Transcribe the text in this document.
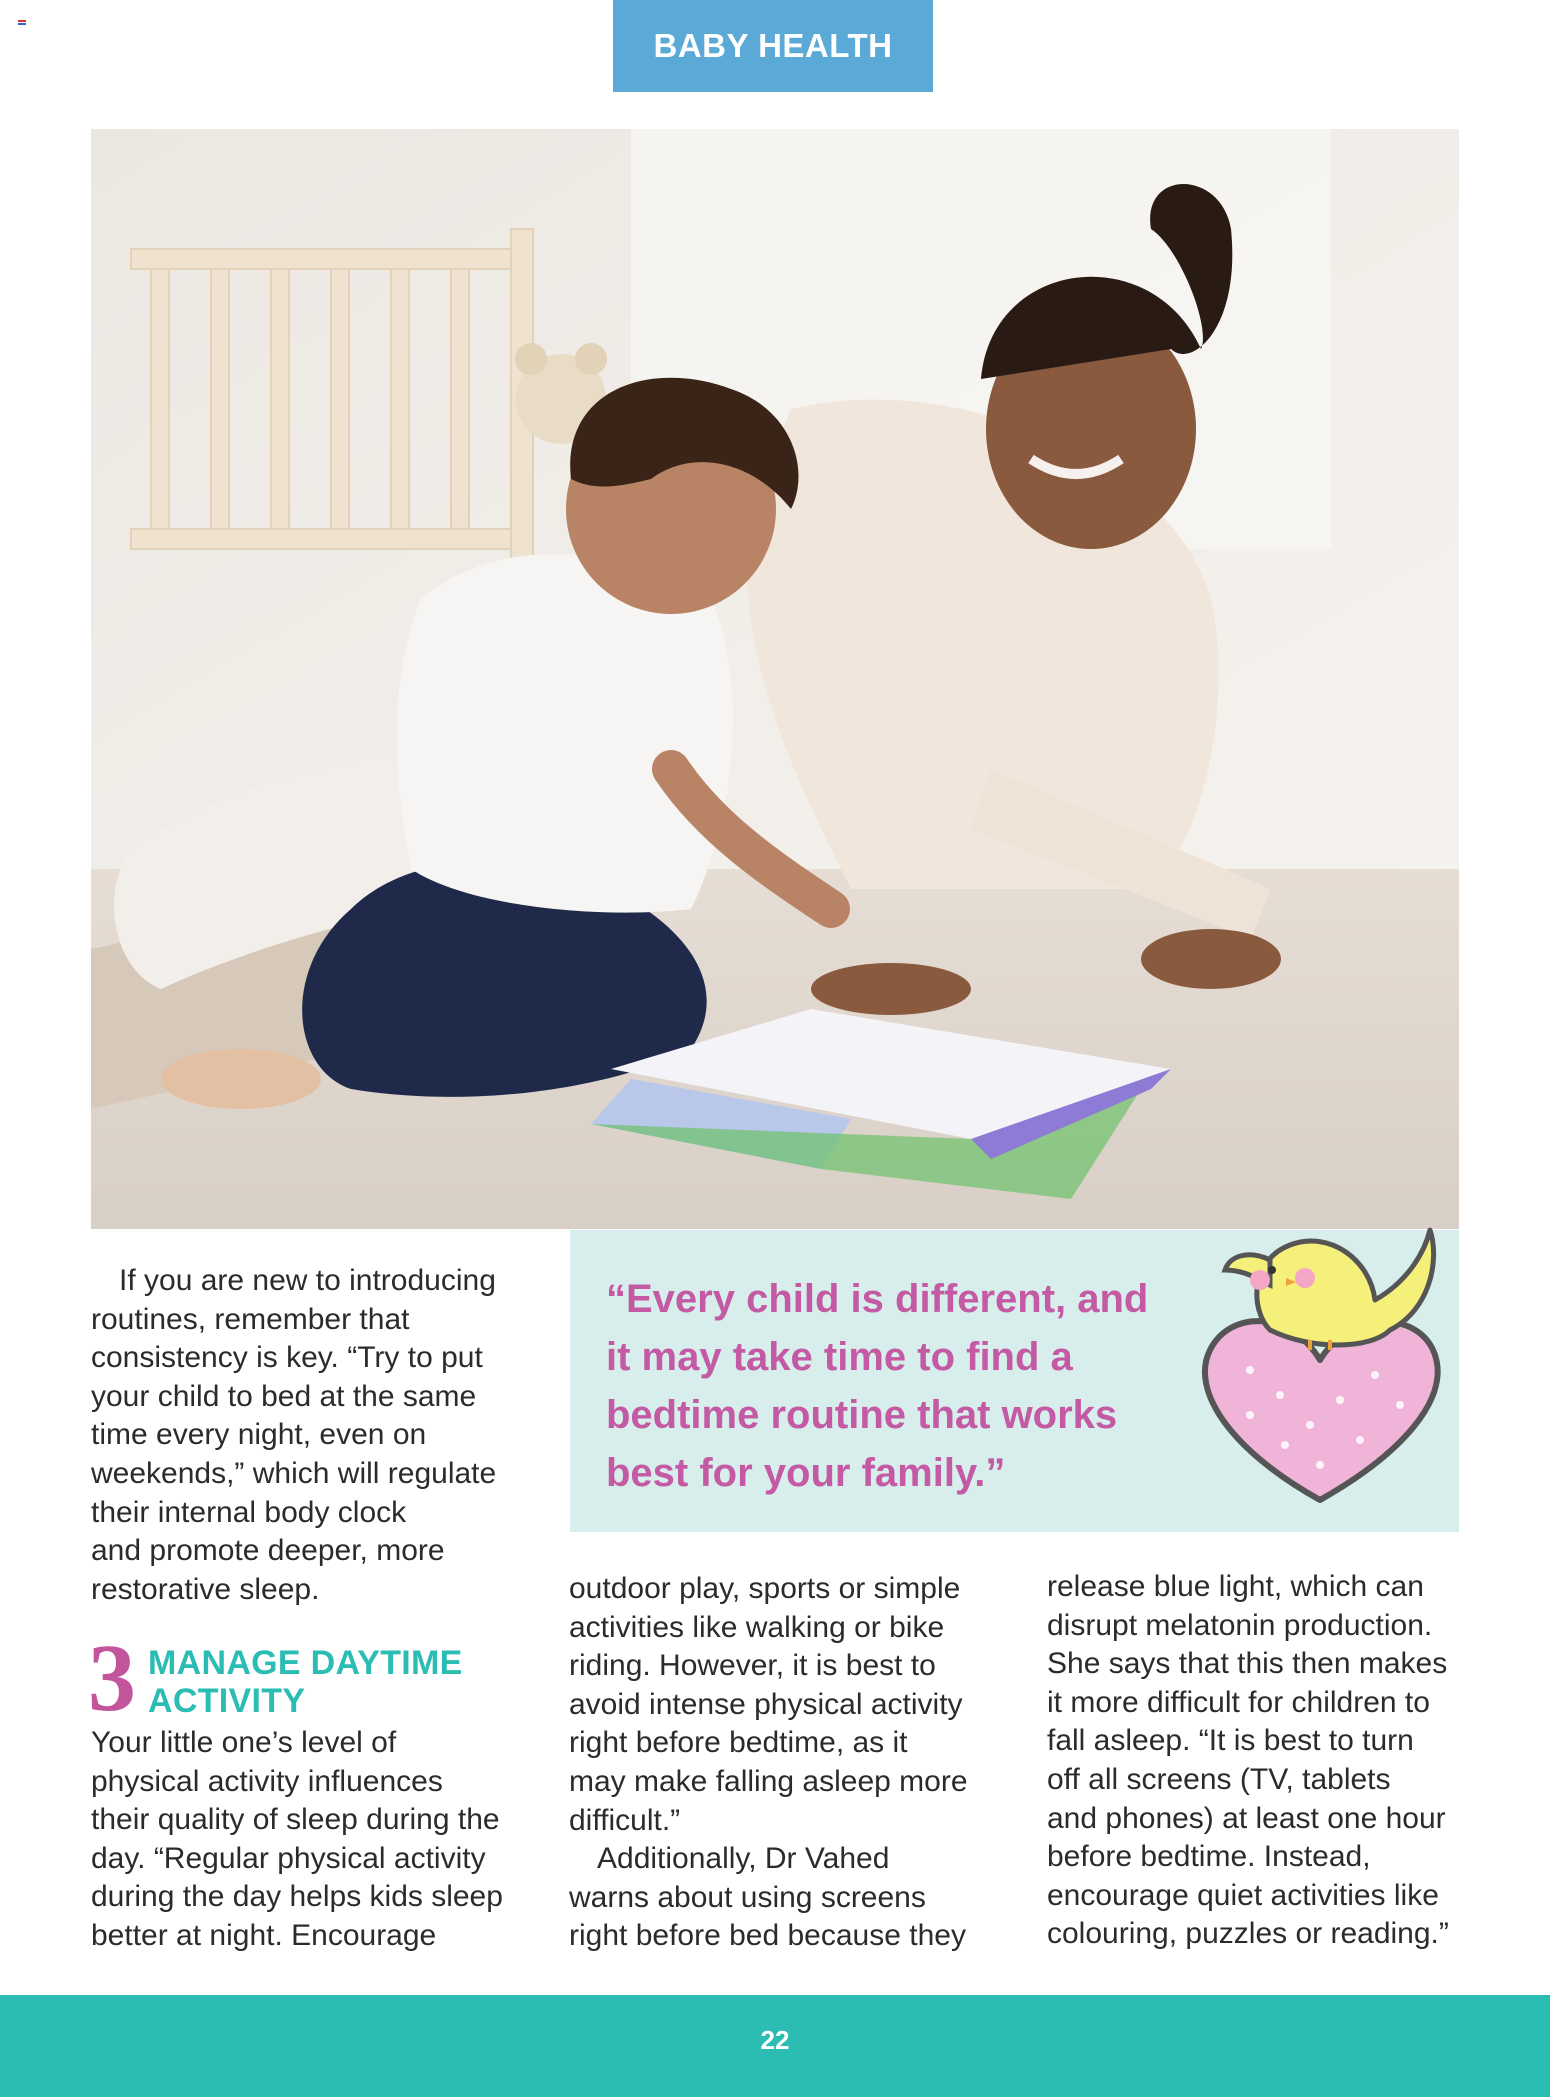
BABY HEALTH

If you are new to introducing

routines, remember that

consistency is key. “Try to put

your child to bed at the same

time every night, even on

weekends,” which will regulate

their internal body clock

and promote deeper, more

restorative sleep.

3 MANAGE DAYTIME
ACTIVITY

Your little one’s level of

physical activity influences

their quality of sleep during the

day. “Regular physical activity

during the day helps kids sleep

better at night. Encourage

“Every child is different, and
it may take time to find a
bedtime routine that works
best for your family.”

outdoor play, sports or simple

activities like walking or bike

riding. However, it is best to

avoid intense physical activity

right before bedtime, as it

may make falling asleep more

difficult.”

Additionally, Dr Vahed

warns about using screens

right before bed because they

release blue light, which can

disrupt melatonin production.

She says that this then makes

it more difficult for children to

fall asleep. “It is best to turn

off all screens (TV, tablets

and phones) at least one hour

before bedtime. Instead,

encourage quiet activities like

colouring, puzzles or reading.”

22
